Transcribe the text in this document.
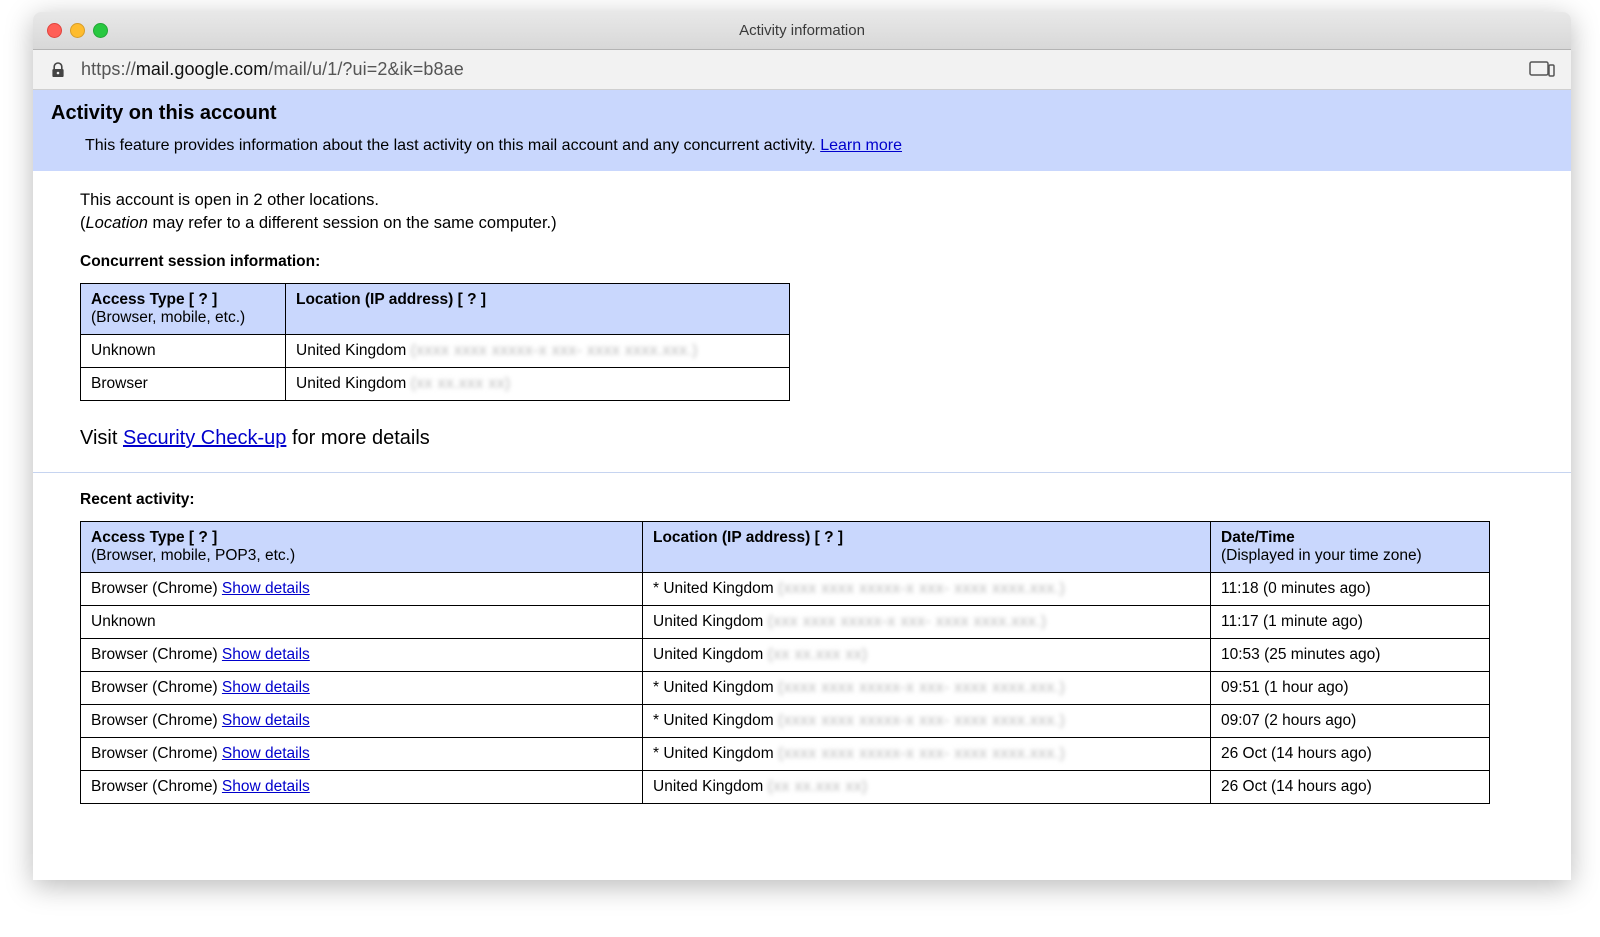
Activity information
https://mail.google.com/mail/u/1/?ui=2&ik=b8ae
Activity on this account

This feature provides information about the last activity on this mail account and any concurrent activity. Learn more

This account is open in 2 other locations.

(Location may refer to a different session on the same computer.)

Concurrent session information:

Access Type [ ? ]
(Browser, mobile, etc.)	Location (IP address) [ ? ]
Unknown	United Kingdom (xxxx xxxx xxxxx-x xxx- xxxx xxxx.xxx.)
Browser	United Kingdom (xx xx.xxx xx)

Visit Security Check-up for more details

Recent activity:

Access Type [ ? ]
(Browser, mobile, POP3, etc.)	Location (IP address) [ ? ]	Date/Time
(Displayed in your time zone)

Browser (Chrome) Show details	* United Kingdom (xxxx xxxx xxxxx-x xxx- xxxx xxxx.xxx.)	11:18 (0 minutes ago)
Unknown	United Kingdom (xxx xxxx xxxxx-x xxx- xxxx xxxx.xxx.)	11:17 (1 minute ago)
Browser (Chrome) Show details	United Kingdom (xx xx.xxx xx)	10:53 (25 minutes ago)
Browser (Chrome) Show details	* United Kingdom (xxxx xxxx xxxxx-x xxx- xxxx xxxx.xxx.)	09:51 (1 hour ago)
Browser (Chrome) Show details	* United Kingdom (xxxx xxxx xxxxx-x xxx- xxxx xxxx.xxx.)	09:07 (2 hours ago)
Browser (Chrome) Show details	* United Kingdom (xxxx xxxx xxxxx-x xxx- xxxx xxxx.xxx.)	26 Oct (14 hours ago)
Browser (Chrome) Show details	United Kingdom (xx xx.xxx xx)	26 Oct (14 hours ago)
